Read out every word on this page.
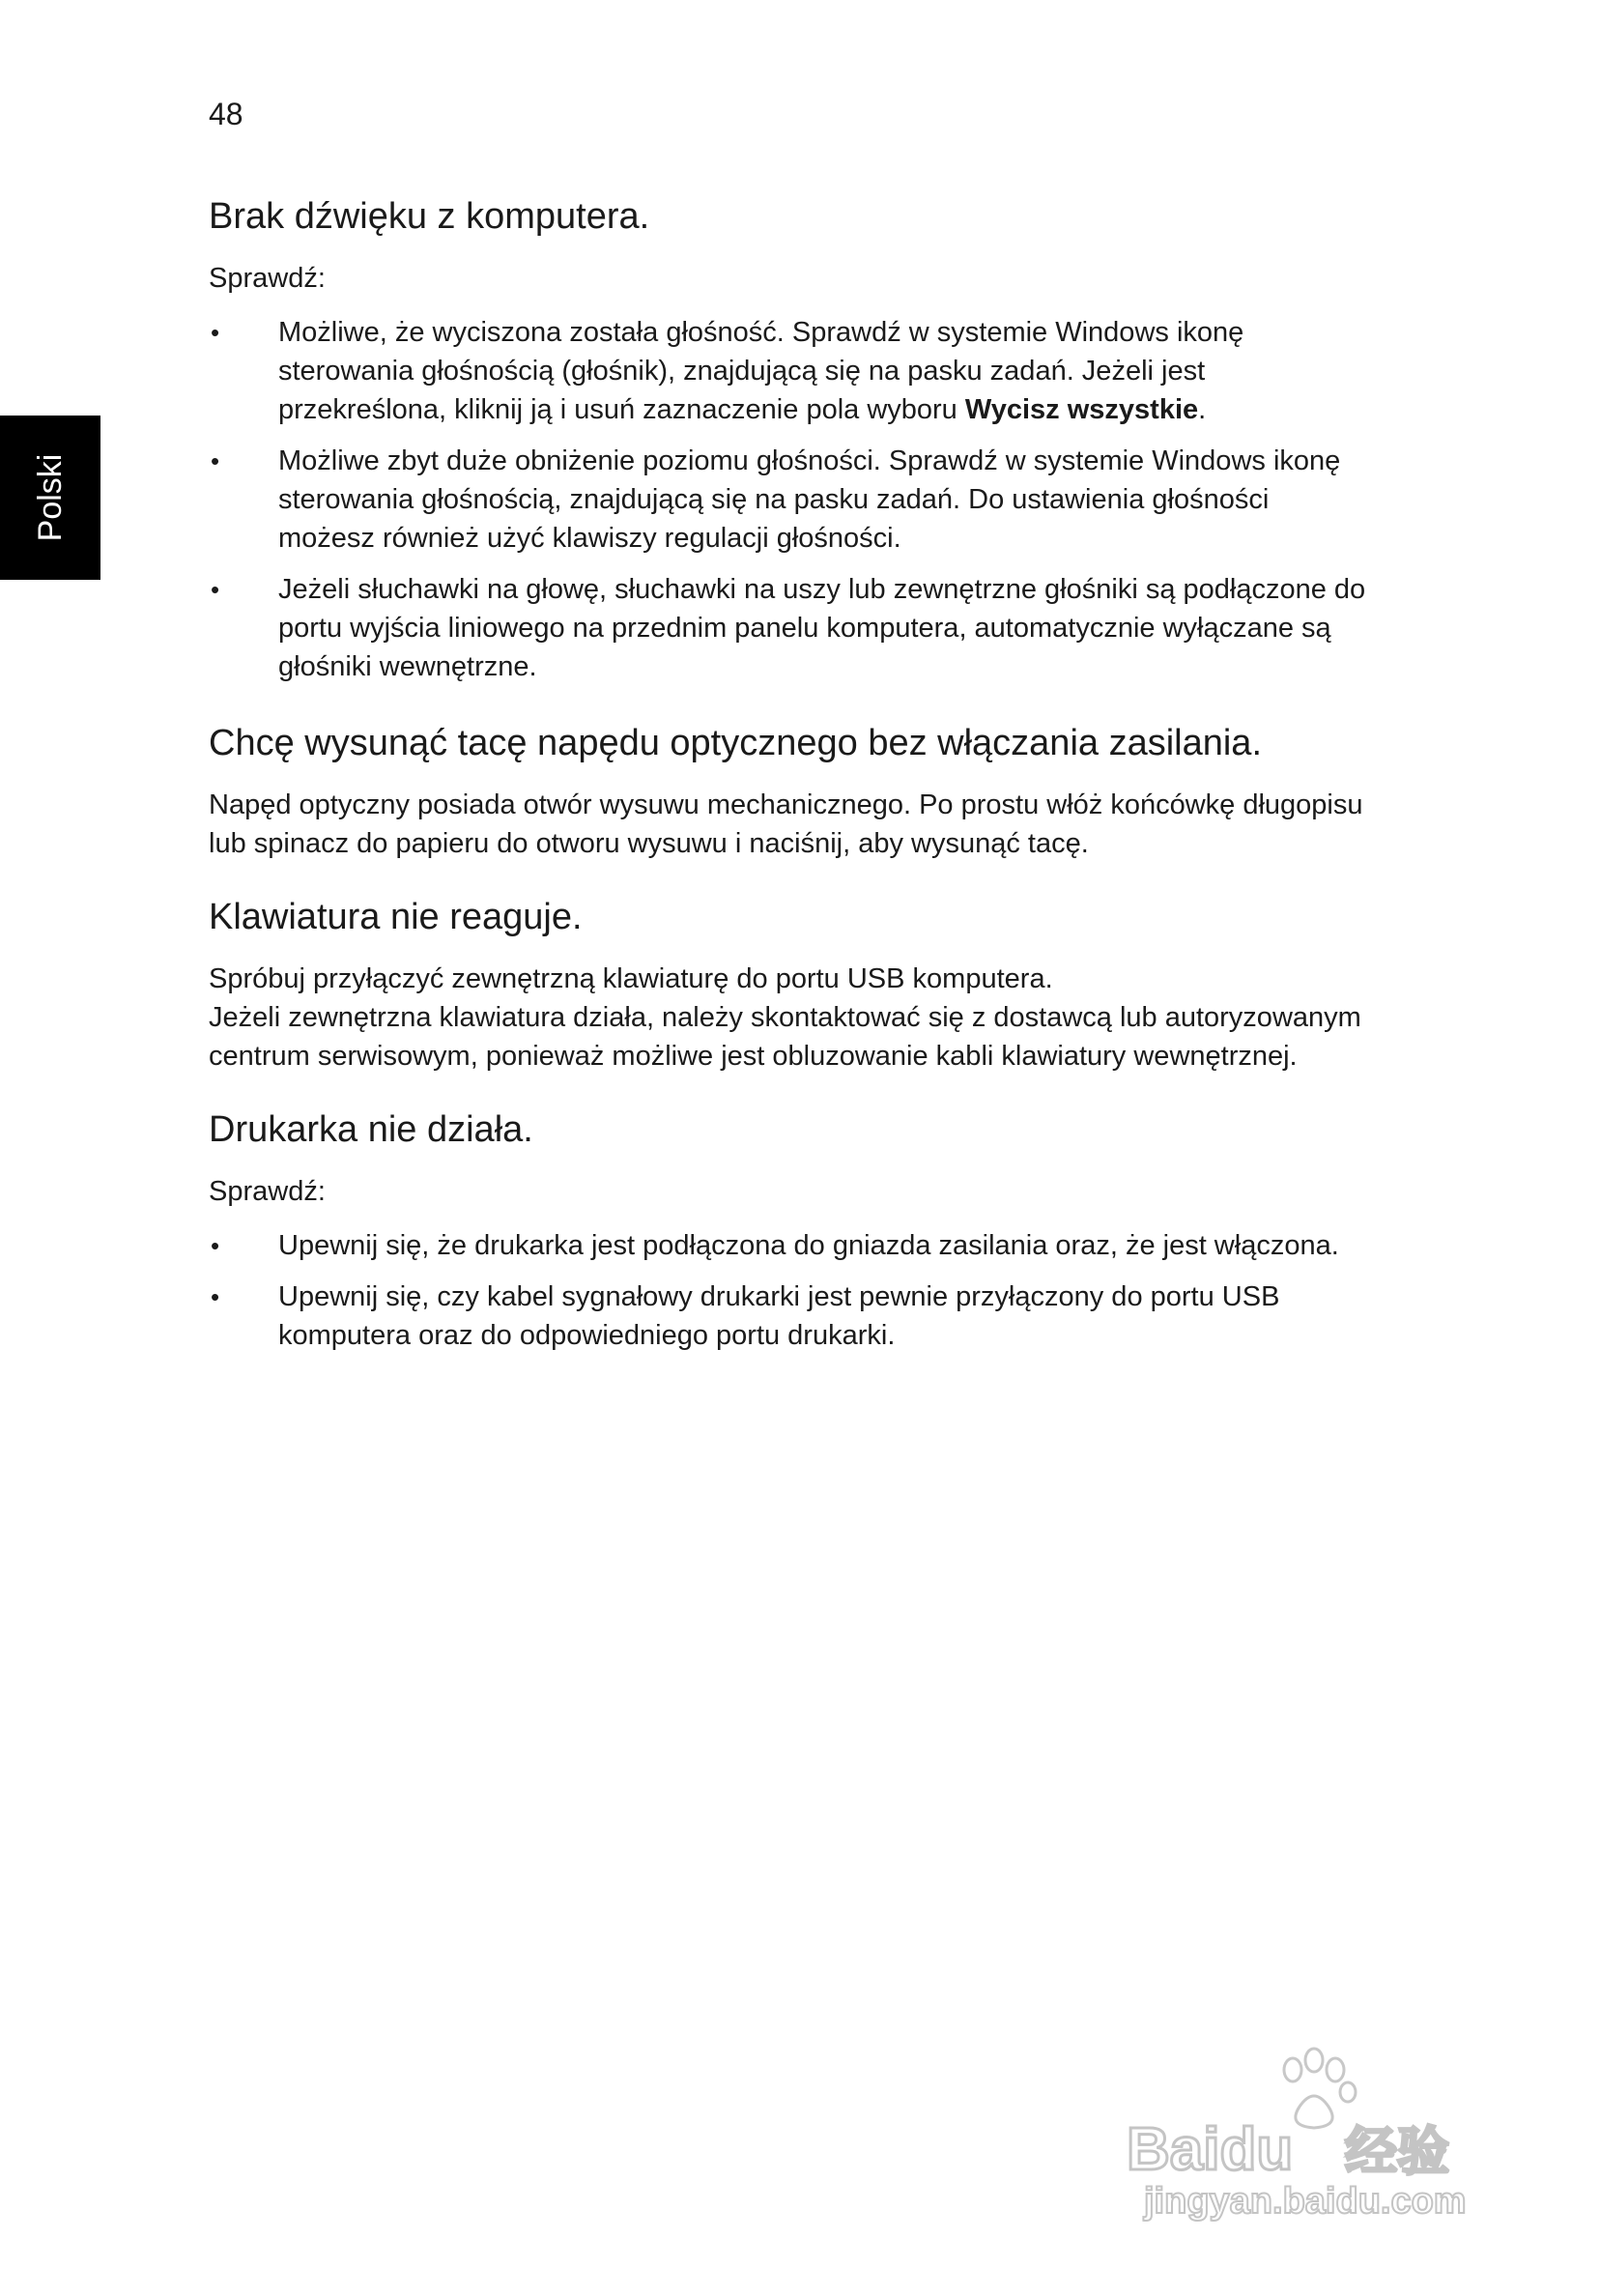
48
Polski
Brak dźwięku z komputera.

Sprawdź:

• Możliwe, że wyciszona została głośność. Sprawdź w systemie Windows ikonę sterowania głośnością (głośnik), znajdującą się na pasku zadań. Jeżeli jest przekreślona, kliknij ją i usuń zaznaczenie pola wyboru Wycisz wszystkie.
• Możliwe zbyt duże obniżenie poziomu głośności. Sprawdź w systemie Windows ikonę sterowania głośnością, znajdującą się na pasku zadań. Do ustawienia głośności możesz również użyć klawiszy regulacji głośności.
• Jeżeli słuchawki na głowę, słuchawki na uszy lub zewnętrzne głośniki są podłączone do portu wyjścia liniowego na przednim panelu komputera, automatycznie wyłączane są głośniki wewnętrzne.
Chcę wysunąć tacę napędu optycznego bez włączania zasilania.

Napęd optyczny posiada otwór wysuwu mechanicznego. Po prostu włóż końcówkę długopisu lub spinacz do papieru do otworu wysuwu i naciśnij, aby wysunąć tacę.

Klawiatura nie reaguje.

Spróbuj przyłączyć zewnętrzną klawiaturę do portu USB komputera.

Jeżeli zewnętrzna klawiatura działa, należy skontaktować się z dostawcą lub autoryzowanym centrum serwisowym, ponieważ możliwe jest obluzowanie kabli klawiatury wewnętrznej.

Drukarka nie działa.

Sprawdź:

• Upewnij się, że drukarka jest podłączona do gniazda zasilania oraz, że jest włączona.
• Upewnij się, czy kabel sygnałowy drukarki jest pewnie przyłączony do portu USB komputera oraz do odpowiedniego portu drukarki.
Baidu 经验
jingyan.baidu.com
